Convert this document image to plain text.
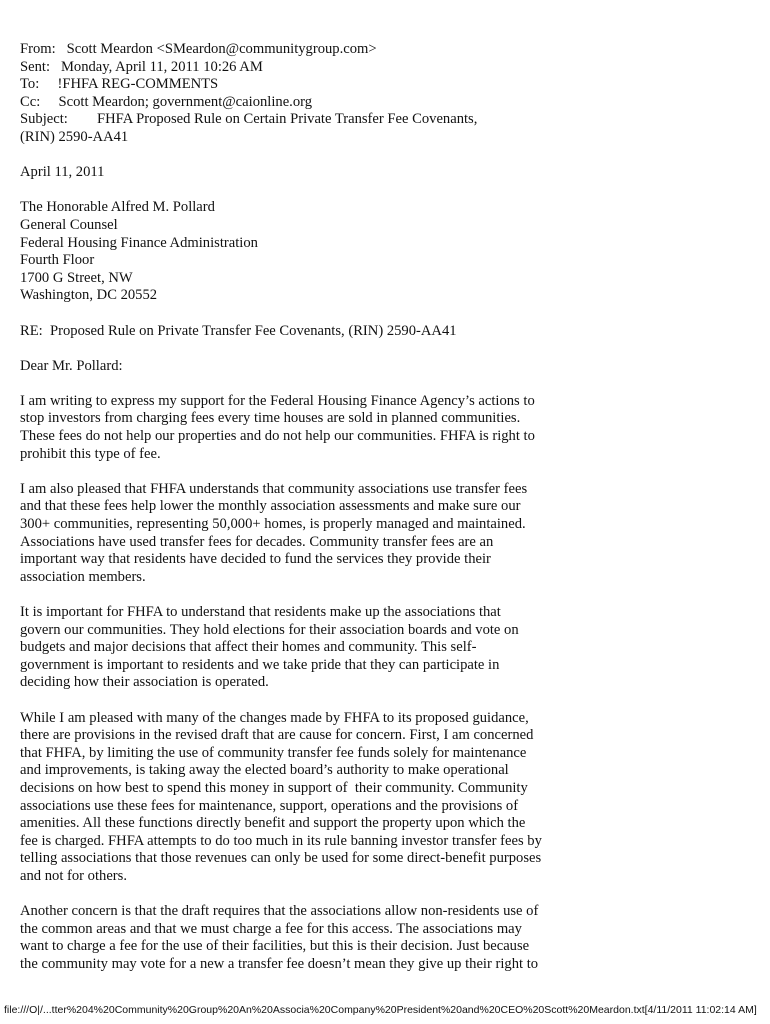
From:   Scott Meardon <SMeardon@communitygroup.com>
Sent:   Monday, April 11, 2011 10:26 AM
To:     !FHFA REG-COMMENTS
Cc:     Scott Meardon; government@caionline.org
Subject:        FHFA Proposed Rule on Certain Private Transfer Fee Covenants,
(RIN) 2590-AA41
April 11, 2011
The Honorable Alfred M. Pollard
General Counsel
Federal Housing Finance Administration
Fourth Floor
1700 G Street, NW
Washington, DC 20552
RE:  Proposed Rule on Private Transfer Fee Covenants, (RIN) 2590-AA41
Dear Mr. Pollard:
I am writing to express my support for the Federal Housing Finance Agency’s actions to
stop investors from charging fees every time houses are sold in planned communities.
These fees do not help our properties and do not help our communities. FHFA is right to
prohibit this type of fee.
I am also pleased that FHFA understands that community associations use transfer fees
and that these fees help lower the monthly association assessments and make sure our
300+ communities, representing 50,000+ homes, is properly managed and maintained.
Associations have used transfer fees for decades. Community transfer fees are an
important way that residents have decided to fund the services they provide their
association members.
It is important for FHFA to understand that residents make up the associations that
govern our communities. They hold elections for their association boards and vote on
budgets and major decisions that affect their homes and community. This self-
government is important to residents and we take pride that they can participate in
deciding how their association is operated.
While I am pleased with many of the changes made by FHFA to its proposed guidance,
there are provisions in the revised draft that are cause for concern. First, I am concerned
that FHFA, by limiting the use of community transfer fee funds solely for maintenance
and improvements, is taking away the elected board’s authority to make operational
decisions on how best to spend this money in support of  their community. Community
associations use these fees for maintenance, support, operations and the provisions of
amenities. All these functions directly benefit and support the property upon which the
fee is charged. FHFA attempts to do too much in its rule banning investor transfer fees by
telling associations that those revenues can only be used for some direct-benefit purposes
and not for others.
Another concern is that the draft requires that the associations allow non-residents use of
the common areas and that we must charge a fee for this access. The associations may
want to charge a fee for the use of their facilities, but this is their decision. Just because
the community may vote for a new a transfer fee doesn’t mean they give up their right to
file:///O|/...tter%204%20Community%20Group%20An%20Associa%20Company%20President%20and%20CEO%20Scott%20Meardon.txt[4/11/2011 11:02:14 AM]
